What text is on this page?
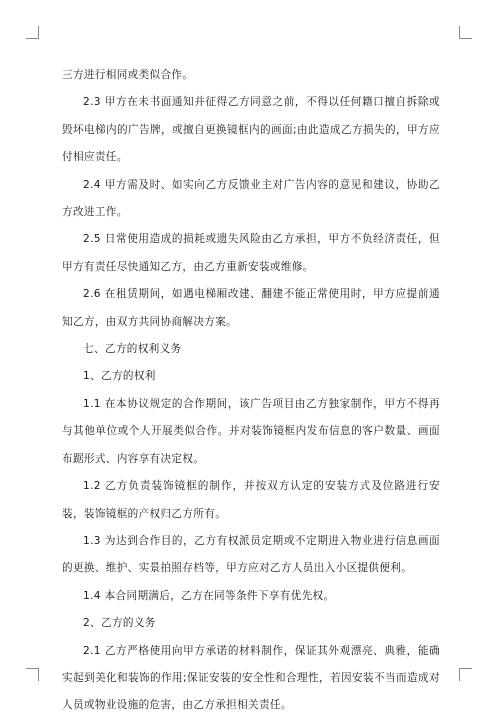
三方进行相同或类似合作。

2.3 甲方在未书面通知并征得乙方同意之前，不得以任何籍口擅自拆除或毁坏电梯内的广告牌，或擅自更换镜框内的画面;由此造成乙方损失的，甲方应付相应责任。

2.4 甲方需及时、如实向乙方反馈业主对广告内容的意见和建议，协助乙方改进工作。

2.5 日常使用造成的损耗或遗失风险由乙方承担，甲方不负经济责任，但甲方有责任尽快通知乙方，由乙方重新安装或维修。

2.6 在租赁期间，如遇电梯厢改建、翻建不能正常使用时，甲方应提前通知乙方，由双方共同协商解决方案。

七、乙方的权利义务

1、乙方的权利

1.1 在本协议规定的合作期间，该广告项目由乙方独家制作，甲方不得再与其他单位或个人开展类似合作。并对装饰镜框内发布信息的客户数量、画面布踞形式、内容享有决定权。

1.2 乙方负责装饰镜框的制作，并按双方认定的安装方式及位路进行安装，装饰镜框的产权归乙方所有。

1.3 为达到合作目的，乙方有权派员定期或不定期进入物业进行信息画面的更换、维护、实景拍照存档等，甲方应对乙方人员出入小区提供便利。

1.4 本合同期满后，乙方在同等条件下享有优先权。

2、乙方的义务

2.1 乙方严格使用向甲方承诺的材料制作，保证其外观漂亮、典雅，能确实起到美化和装饰的作用;保证安装的安全性和合理性，若因安装不当而造成对人员或物业设施的危害，由乙方承担相关责任。
